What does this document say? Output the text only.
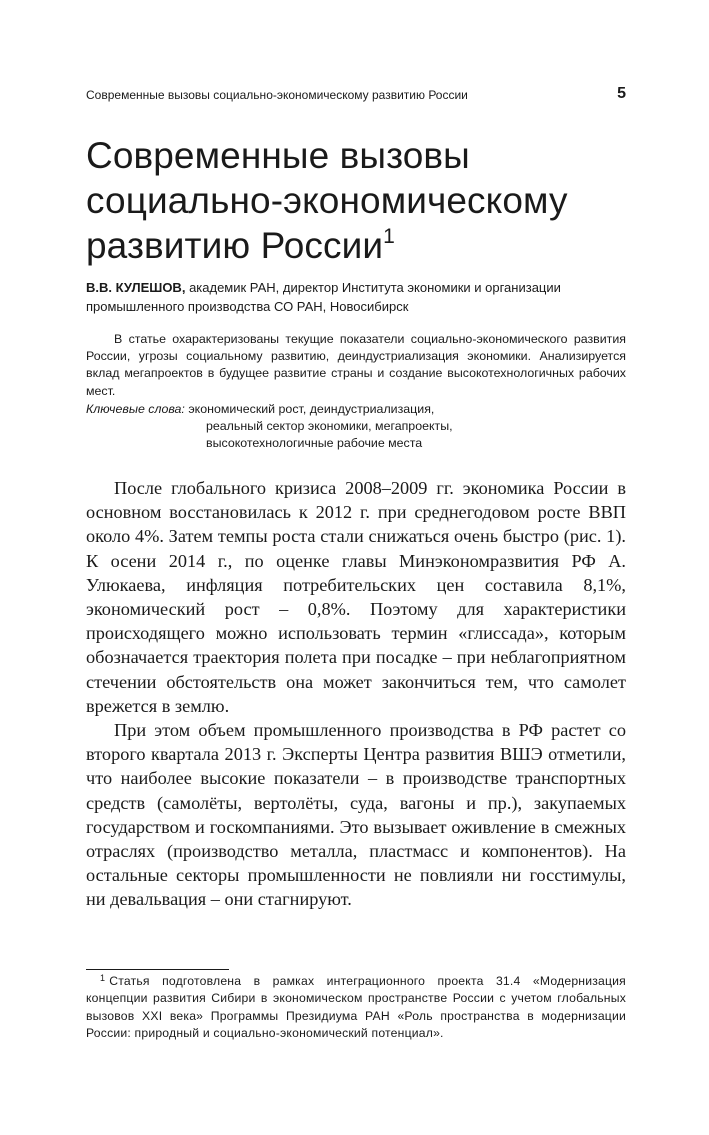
Современные вызовы социально-экономическому развитию России	5
Современные вызовы
социально-экономическому
развитию России$^1$
В.В. КУЛЕШОВ, академик РАН, директор Института экономики и организации промышленного производства СО РАН, Новосибирск

В статье охарактеризованы текущие показатели социально-экономического развития России, угрозы социальному развитию, деиндустриализация экономики. Анализируется вклад мегапроектов в будущее развитие страны и создание высокотехнологичных рабочих мест.

Ключевые слова: экономический рост, деиндустриализация,
реальный сектор экономики, мегапроекты,
высокотехнологичные рабочие места

После глобального кризиса 2008–2009 гг. экономика России в основном восстановилась к 2012 г. при среднегодовом росте ВВП около 4%. Затем темпы роста стали снижаться очень быстро (рис. 1). К осени 2014 г., по оценке главы Минэкономразвития РФ А. Улюкаева, инфляция потребительских цен составила 8,1%, экономический рост – 0,8%. Поэтому для характеристики происходящего можно использовать термин «глиссада», которым обозначается траектория полета при посадке – при неблагоприятном стечении обстоятельств она может закончиться тем, что самолет врежется в землю.

При этом объем промышленного производства в РФ растет со второго квартала 2013 г. Эксперты Центра развития ВШЭ отметили, что наиболее высокие показатели – в производстве транспортных средств (самолёты, вертолёты, суда, вагоны и пр.), закупаемых государством и госкомпаниями. Это вызывает оживление в смежных отраслях (производство металла, пластмасс и компонентов). На остальные секторы промышленности не повлияли ни госстимулы, ни девальвация – они стагнируют.

$^1$ Статья подготовлена в рамках интеграционного проекта 31.4 «Модернизация концепции развития Сибири в экономическом пространстве России с учетом глобальных вызовов XXI века» Программы Президиума РАН «Роль пространства в модернизации России: природный и социально-экономический потенциал».
